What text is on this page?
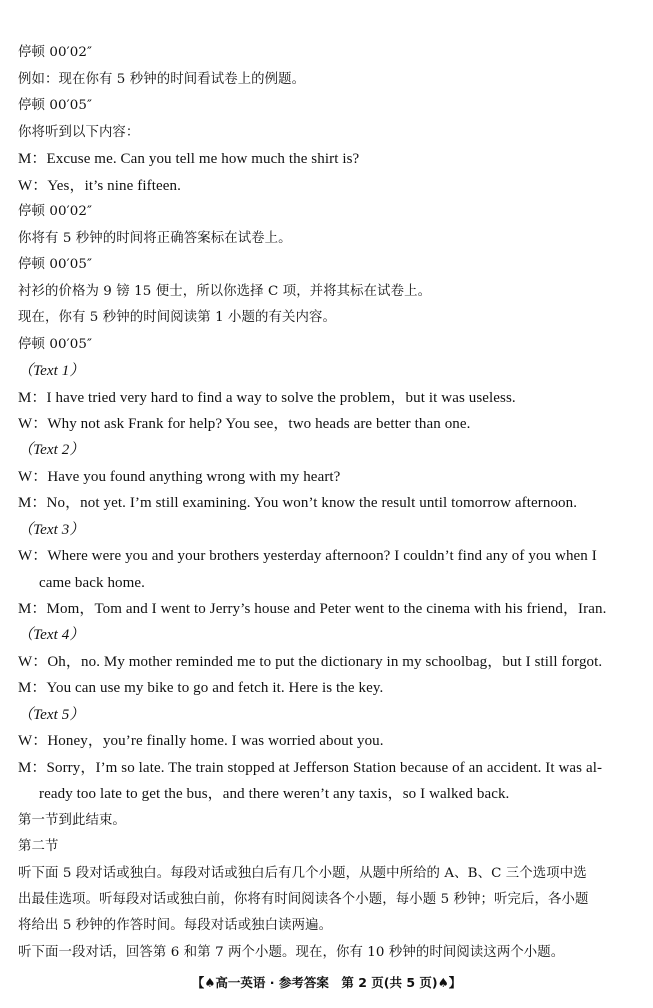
停顿 00′02″
例如：现在你有 5 秒钟的时间看试卷上的例题。
停顿 00′05″
你将听到以下内容：
M：Excuse me. Can you tell me how much the shirt is?
W：Yes，it’s nine fifteen.
停顿 00′02″
你将有 5 秒钟的时间将正确答案标在试卷上。
停顿 00′05″
衬衫的价格为 9 镑 15 便士，所以你选择 C 项，并将其标在试卷上。
现在，你有 5 秒钟的时间阅读第 1 小题的有关内容。
停顿 00′05″
（Text 1）
M：I have tried very hard to find a way to solve the problem，but it was useless.
W：Why not ask Frank for help? You see，two heads are better than one.
（Text 2）
W：Have you found anything wrong with my heart?
M：No，not yet. I’m still examining. You won’t know the result until tomorrow afternoon.
（Text 3）
W：Where were you and your brothers yesterday afternoon? I couldn’t find any of you when I
came back home.
M：Mom，Tom and I went to Jerry’s house and Peter went to the cinema with his friend，Iran.
（Text 4）
W：Oh，no. My mother reminded me to put the dictionary in my schoolbag，but I still forgot.
M：You can use my bike to go and fetch it. Here is the key.
（Text 5）
W：Honey，you’re finally home. I was worried about you.
M：Sorry，I’m so late. The train stopped at Jefferson Station because of an accident. It was al-
ready too late to get the bus，and there weren’t any taxis，so I walked back.
第一节到此结束。
第二节
听下面 5 段对话或独白。每段对话或独白后有几个小题，从题中所给的 A、B、C 三个选项中选
出最佳选项。听每段对话或独白前，你将有时间阅读各个小题，每小题 5 秒钟；听完后，各小题
将给出 5 秒钟的作答时间。每段对话或独白读两遍。
听下面一段对话，回答第 6 和第 7 两个小题。现在，你有 10 秒钟的时间阅读这两个小题。
【♠高一英语 · 参考答案　第 2 页(共 5 页)♠】
